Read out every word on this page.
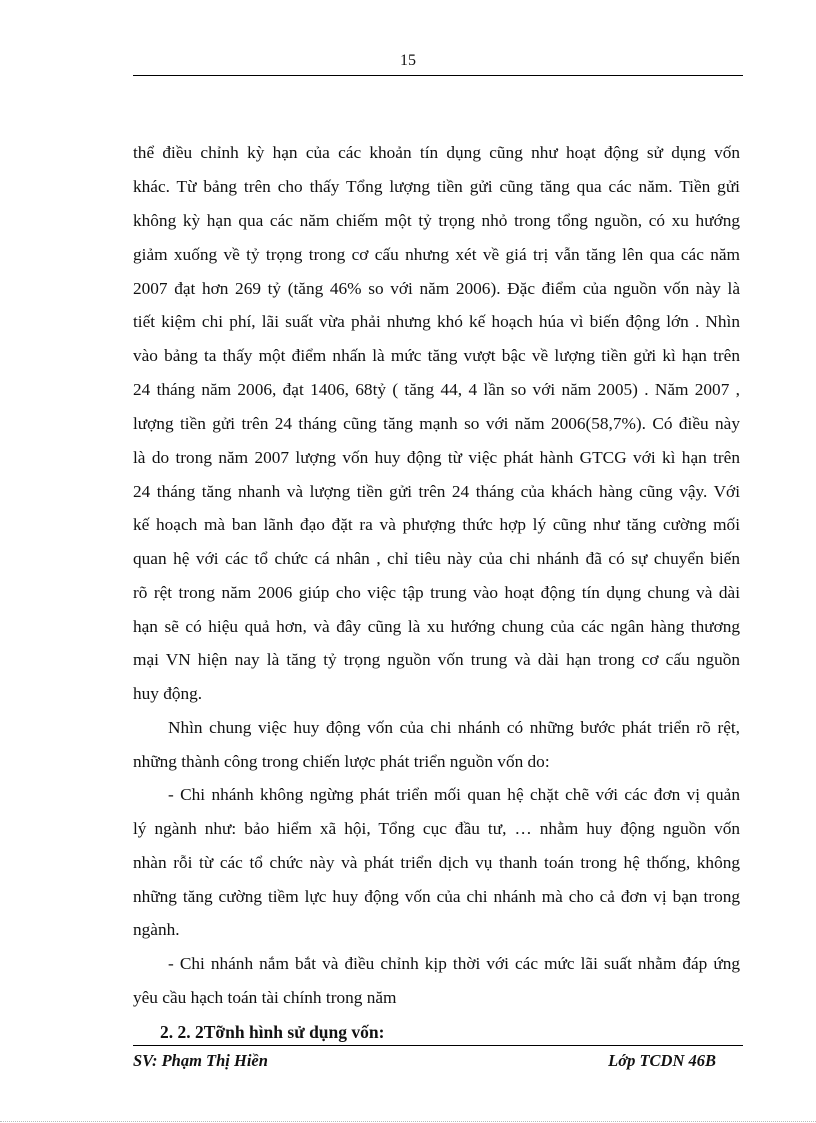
15
thể điều chỉnh kỳ hạn của các khoản tín dụng cũng như hoạt động sử dụng vốn
khác. Từ bảng trên cho thấy Tổng lượng tiền gửi cũng tăng qua các năm. Tiền gửi
không kỳ hạn qua các năm chiếm một tỷ trọng nhỏ trong tổng nguồn, có xu hướng
giảm xuống về tỷ trọng trong cơ cấu nhưng xét về giá trị vẫn tăng lên qua các năm
2007 đạt hơn 269 tỷ (tăng 46% so với năm 2006). Đặc điểm của nguồn vốn này là
tiết kiệm chi phí, lãi suất vừa phải nhưng khó kế hoạch húa vì biến động lớn . Nhìn
vào bảng ta thấy một điểm nhấn là mức tăng vượt bậc về lượng tiền gửi kì hạn trên
24 tháng năm 2006, đạt 1406, 68tỷ ( tăng 44, 4 lần so với năm 2005) . Năm 2007 ,
lượng tiền gửi trên 24 tháng cũng tăng mạnh so với năm 2006(58,7%). Có điều này
là do trong năm 2007 lượng vốn huy động từ việc phát hành GTCG với kì hạn trên
24 tháng tăng nhanh và lượng tiền gửi trên 24 tháng của khách hàng cũng vậy. Với
kế hoạch mà ban lãnh đạo đặt ra và phượng thức hợp lý cũng như tăng cường mối
quan hệ với các tổ chức cá nhân , chỉ tiêu này của chi nhánh đã có sự chuyển biến
rõ rệt trong năm 2006 giúp cho việc tập trung vào hoạt động tín dụng chung và dài
hạn sẽ có hiệu quả hơn, và đây cũng là xu hướng chung của các ngân hàng thương
mại VN hiện nay là tăng tỷ trọng nguồn vốn trung và dài hạn trong cơ cấu nguồn
huy động.
Nhìn chung việc huy động vốn của chi nhánh có những bước phát triển rõ rệt,
những thành công trong chiến lược phát triển nguồn vốn do:
- Chi nhánh không ngừng phát triển mối quan hệ chặt chẽ với các đơn vị quản
lý ngành như: bảo hiểm xã hội, Tổng cục đầu tư, … nhằm huy động nguồn vốn
nhàn rỗi từ các tổ chức này và phát triển dịch vụ thanh toán trong hệ thống, không
những tăng cường tiềm lực huy động vốn của chi nhánh mà cho cả đơn vị bạn trong
ngành.
- Chi nhánh nắm bắt và điều chỉnh kịp thời với các mức lãi suất nhằm đáp ứng
yêu cầu hạch toán tài chính trong năm
2. 2. 2Tỡnh hình sử dụng vốn:
SV: Phạm Thị Hiền	Lớp TCDN 46B
